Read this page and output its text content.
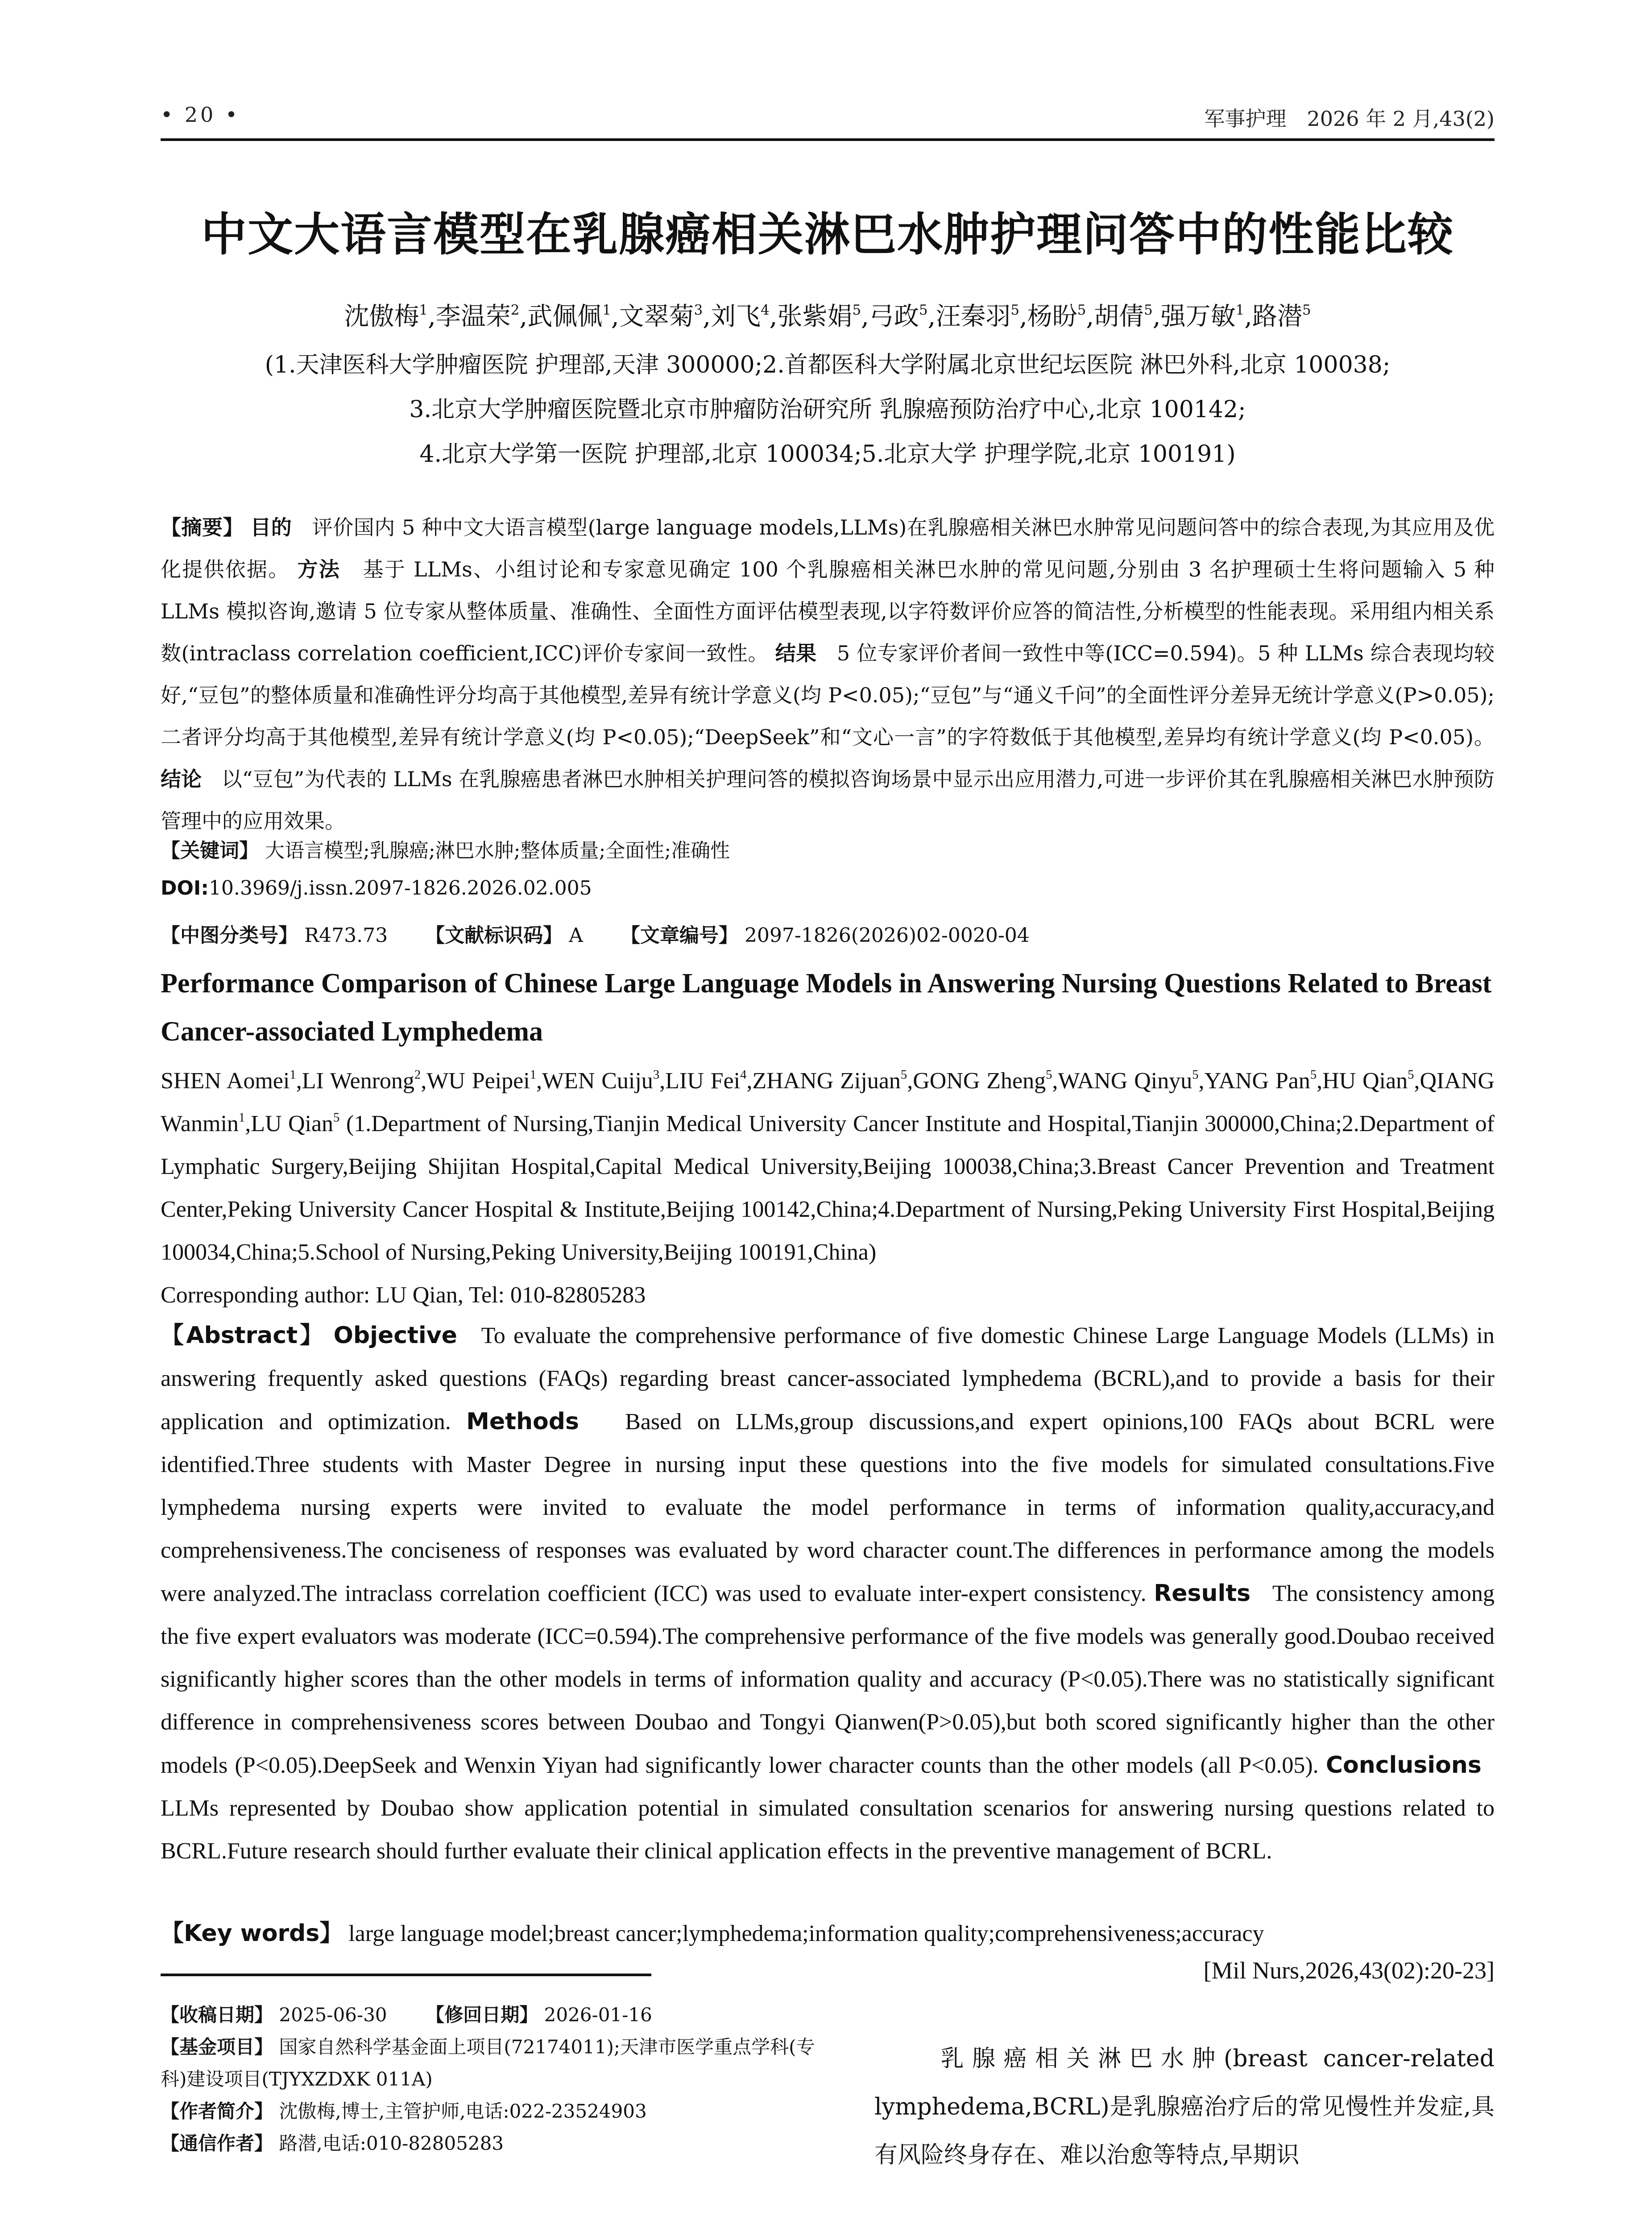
• 20 •	军事护理　2026 年 2 月,43(2)
中文大语言模型在乳腺癌相关淋巴水肿护理问答中的性能比较
沈傲梅$^1$,李温荣$^2$,武佩佩$^1$,文翠菊$^3$,刘飞$^4$,张紫娟$^5$,弓政$^5$,汪秦羽$^5$,杨盼$^5$,胡倩$^5$,强万敏$^1$,路潜$^5$
(1.天津医科大学肿瘤医院 护理部,天津 300000;2.首都医科大学附属北京世纪坛医院 淋巴外科,北京 100038;
3.北京大学肿瘤医院暨北京市肿瘤防治研究所 乳腺癌预防治疗中心,北京 100142;
4.北京大学第一医院 护理部,北京 100034;5.北京大学 护理学院,北京 100191)
【摘要】 目的 评价国内 5 种中文大语言模型(large language models,LLMs)在乳腺癌相关淋巴水肿常见问题问答中的综合表现,为其应用及优化提供依据。 方法 基于 LLMs、小组讨论和专家意见确定 100 个乳腺癌相关淋巴水肿的常见问题,分别由 3 名护理硕士生将问题输入 5 种 LLMs 模拟咨询,邀请 5 位专家从整体质量、准确性、全面性方面评估模型表现,以字符数评价应答的简洁性,分析模型的性能表现。采用组内相关系数(intraclass correlation coefficient,ICC)评价专家间一致性。 结果 5 位专家评价者间一致性中等(ICC=0.594)。5 种 LLMs 综合表现均较好,“豆包”的整体质量和准确性评分均高于其他模型,差异有统计学意义(均 P<0.05);“豆包”与“通义千问”的全面性评分差异无统计学意义(P>0.05);二者评分均高于其他模型,差异有统计学意义(均 P<0.05);“DeepSeek”和“文心一言”的字符数低于其他模型,差异均有统计学意义(均 P<0.05)。 结论 以“豆包”为代表的 LLMs 在乳腺癌患者淋巴水肿相关护理问答的模拟咨询场景中显示出应用潜力,可进一步评价其在乳腺癌相关淋巴水肿预防管理中的应用效果。
【关键词】 大语言模型;乳腺癌;淋巴水肿;整体质量;全面性;准确性
DOI:10.3969/j.issn.2097-1826.2026.02.005
【中图分类号】 R473.73 【文献标识码】 A 【文章编号】 2097-1826(2026)02-0020-04
Performance Comparison of Chinese Large Language Models in Answering Nursing Questions Related to Breast Cancer-associated Lymphedema
SHEN Aomei$^1$,LI Wenrong$^2$,WU Peipei$^1$,WEN Cuiju$^3$,LIU Fei$^4$,ZHANG Zijuan$^5$,GONG Zheng$^5$,WANG Qinyu$^5$,YANG Pan$^5$,HU Qian$^5$,QIANG Wanmin$^1$,LU Qian$^5$ (1.Department of Nursing,Tianjin Medical University Cancer Institute and Hospital,Tianjin 300000,China;2.Department of Lymphatic Surgery,Beijing Shijitan Hospital,Capital Medical University,Beijing 100038,China;3.Breast Cancer Prevention and Treatment Center,Peking University Cancer Hospital & Institute,Beijing 100142,China;4.Department of Nursing,Peking University First Hospital,Beijing 100034,China;5.School of Nursing,Peking University,Beijing 100191,China)
Corresponding author: LU Qian, Tel: 010-82805283
【Abstract】 Objective To evaluate the comprehensive performance of five domestic Chinese Large Language Models (LLMs) in answering frequently asked questions (FAQs) regarding breast cancer-associated lymphedema (BCRL),and to provide a basis for their application and optimization. Methods Based on LLMs,group discussions,and expert opinions,100 FAQs about BCRL were identified.Three students with Master Degree in nursing input these questions into the five models for simulated consultations.Five lymphedema nursing experts were invited to evaluate the model performance in terms of information quality,accuracy,and comprehensiveness.The conciseness of responses was evaluated by word character count.The differences in performance among the models were analyzed.The intraclass correlation coefficient (ICC) was used to evaluate inter-expert consistency. Results The consistency among the five expert evaluators was moderate (ICC=0.594).The comprehensive performance of the five models was generally good.Doubao received significantly higher scores than the other models in terms of information quality and accuracy (P<0.05).There was no statistically significant difference in comprehensiveness scores between Doubao and Tongyi Qianwen(P>0.05),but both scored significantly higher than the other models (P<0.05).DeepSeek and Wenxin Yiyan had significantly lower character counts than the other models (all P<0.05). Conclusions   LLMs represented by Doubao show application potential in simulated consultation scenarios for answering nursing questions related to BCRL.Future research should further evaluate their clinical application effects in the preventive management of BCRL.
【Key words】 large language model;breast cancer;lymphedema;information quality;comprehensiveness;accuracy
[Mil Nurs,2026,43(02):20-23]
【收稿日期】 2025-06-30 【修回日期】 2026-01-16
【基金项目】 国家自然科学基金面上项目(72174011);天津市医学重点学科(专科)建设项目(TJYXZDXK 011A)
【作者简介】 沈傲梅,博士,主管护师,电话:022-23524903
【通信作者】 路潜,电话:010-82805283
乳腺癌相关淋巴水肿(breast cancer-related lymphedema,BCRL)是乳腺癌治疗后的常见慢性并发症,具有风险终身存在、难以治愈等特点,早期识
